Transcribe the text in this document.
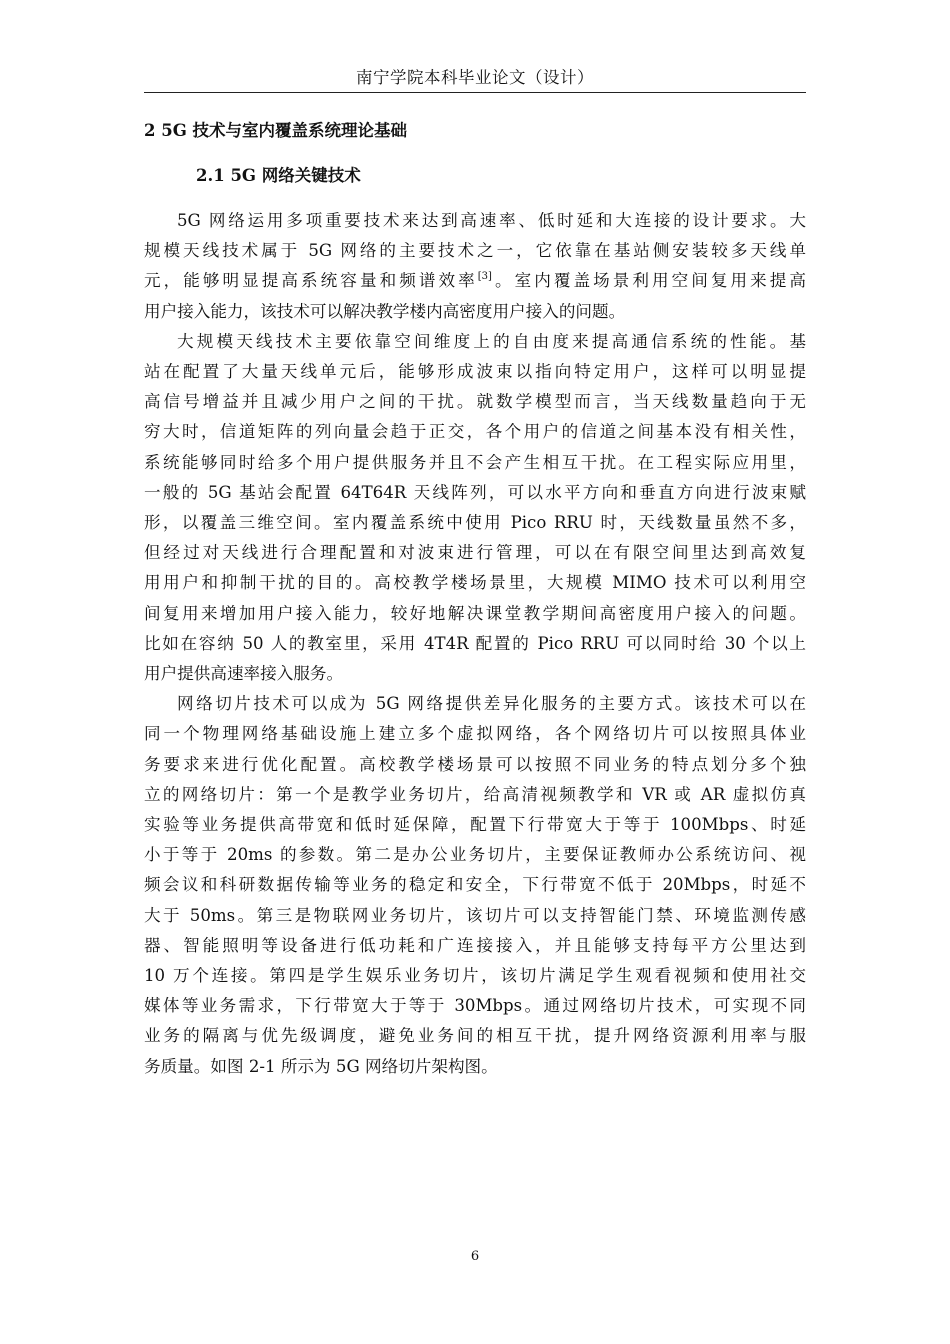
南宁学院本科毕业论文（设计）
2 5G 技术与室内覆盖系统理论基础
2.1 5G 网络关键技术
5G 网络运用多项重要技术来达到高速率、低时延和大连接的设计要求。大
规模天线技术属于 5G 网络的主要技术之一，它依靠在基站侧安装较多天线单
元，能够明显提高系统容量和频谱效率[3]。室内覆盖场景利用空间复用来提高
用户接入能力，该技术可以解决教学楼内高密度用户接入的问题。
大规模天线技术主要依靠空间维度上的自由度来提高通信系统的性能。基
站在配置了大量天线单元后，能够形成波束以指向特定用户，这样可以明显提
高信号增益并且减少用户之间的干扰。就数学模型而言，当天线数量趋向于无
穷大时，信道矩阵的列向量会趋于正交，各个用户的信道之间基本没有相关性，
系统能够同时给多个用户提供服务并且不会产生相互干扰。在工程实际应用里，
一般的 5G 基站会配置 64T64R 天线阵列，可以水平方向和垂直方向进行波束赋
形，以覆盖三维空间。室内覆盖系统中使用 Pico RRU 时，天线数量虽然不多，
但经过对天线进行合理配置和对波束进行管理，可以在有限空间里达到高效复
用用户和抑制干扰的目的。高校教学楼场景里，大规模 MIMO 技术可以利用空
间复用来增加用户接入能力，较好地解决课堂教学期间高密度用户接入的问题。
比如在容纳 50 人的教室里，采用 4T4R 配置的 Pico RRU 可以同时给 30 个以上
用户提供高速率接入服务。
网络切片技术可以成为 5G 网络提供差异化服务的主要方式。该技术可以在
同一个物理网络基础设施上建立多个虚拟网络，各个网络切片可以按照具体业
务要求来进行优化配置。高校教学楼场景可以按照不同业务的特点划分多个独
立的网络切片：第一个是教学业务切片，给高清视频教学和 VR 或 AR 虚拟仿真
实验等业务提供高带宽和低时延保障，配置下行带宽大于等于 100Mbps、时延
小于等于 20ms 的参数。第二是办公业务切片，主要保证教师办公系统访问、视
频会议和科研数据传输等业务的稳定和安全，下行带宽不低于 20Mbps，时延不
大于 50ms。第三是物联网业务切片，该切片可以支持智能门禁、环境监测传感
器、智能照明等设备进行低功耗和广连接接入，并且能够支持每平方公里达到
10 万个连接。第四是学生娱乐业务切片，该切片满足学生观看视频和使用社交
媒体等业务需求，下行带宽大于等于 30Mbps。通过网络切片技术，可实现不同
业务的隔离与优先级调度，避免业务间的相互干扰，提升网络资源利用率与服
务质量。如图 2-1 所示为 5G 网络切片架构图。
6
